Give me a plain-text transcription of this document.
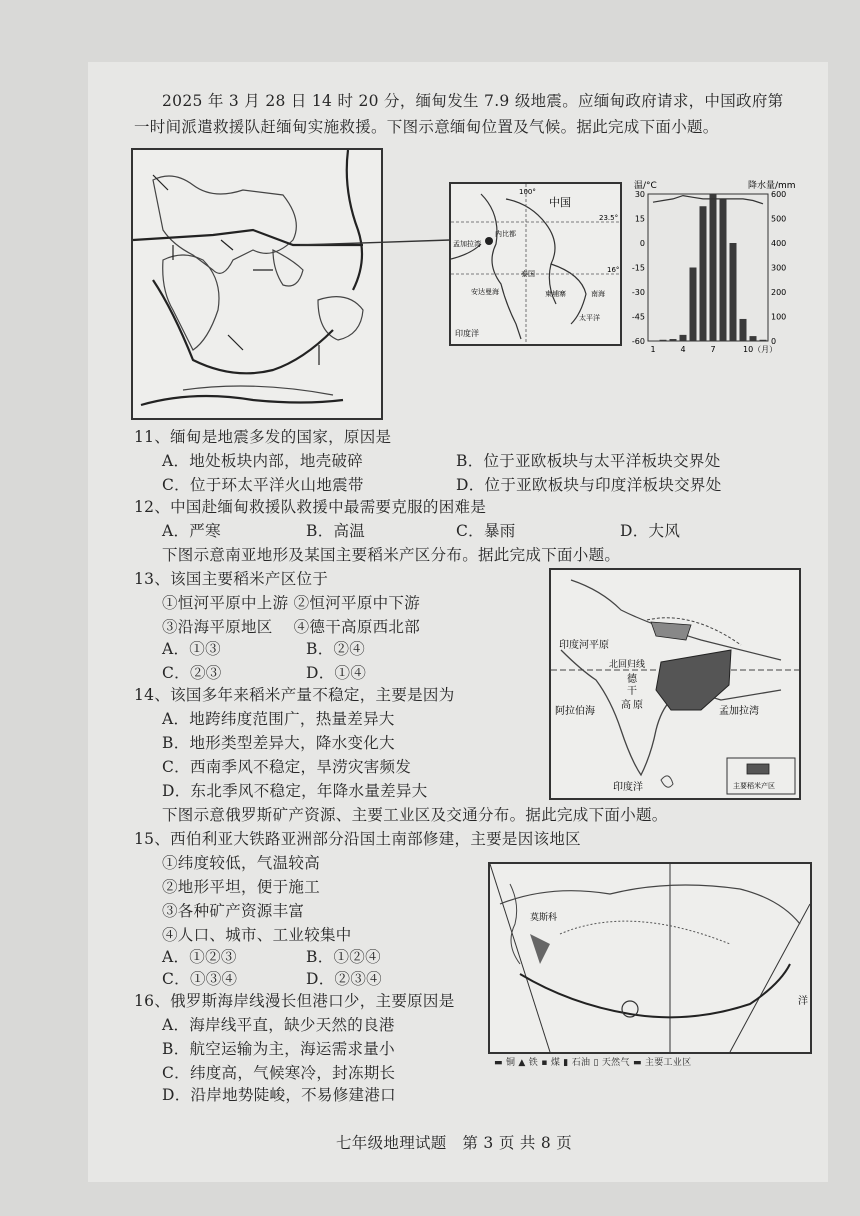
2025 年 3 月 28 日 14 时 20 分，缅甸发生 7.9 级地震。应缅甸政府请求，中国政府第
一时间派遣救援队赶缅甸实施救援。下图示意缅甸位置及气候。据此完成下面小题。
100°
23.5°
16°
中国
内比都
孟加拉湾
安达曼海
泰国
柬埔寨	南海
太平洋
印度洋
温/°C	降水量/mm
30
15
0
-15
-30
-45
-60
600
500
400
300
200
100
0
1	4	7	10（月）
11、缅甸是地震多发的国家，原因是
A．地处板块内部，地壳破碎	B．位于亚欧板块与太平洋板块交界处
C．位于环太平洋火山地震带	D．位于亚欧板块与印度洋板块交界处
12、中国赴缅甸救援队救援中最需要克服的困难是
A．严寒	B．高温	C．暴雨	D．大风
下图示意南亚地形及某国主要稻米产区分布。据此完成下面小题。
13、该国主要稻米产区位于
①恒河平原中上游 ②恒河平原中下游
③沿海平原地区　 ④德干高原西北部
A．①③	B．②④
C．②③	D．①④
14、该国多年来稻米产量不稳定，主要是因为
A．地跨纬度范围广，热量差异大
B．地形类型差异大，降水变化大
C．西南季风不稳定，旱涝灾害频发
D．东北季风不稳定，年降水量差异大
印度河平原
北回归线
德
干
高 原
阿拉伯海	孟加拉湾
印度洋	主要稻米产区
下图示意俄罗斯矿产资源、主要工业区及交通分布。据此完成下面小题。
15、西伯利亚大铁路亚洲部分沿国土南部修建，主要是因该地区
①纬度较低，气温较高
②地形平坦，便于施工
③各种矿产资源丰富
④人口、城市、工业较集中
A．①②③	B．①②④
C．①③④	D．②③④
莫斯科
洋
▬ 铜 ▲ 铁 ▪ 煤 ▮ 石油 ▯ 天然气 ▬ 主要工业区
16、俄罗斯海岸线漫长但港口少，主要原因是
A．海岸线平直，缺少天然的良港
B．航空运输为主，海运需求量小
C．纬度高，气候寒冷，封冻期长
D．沿岸地势陡峻，不易修建港口
七年级地理试题　第 3 页 共 8 页
